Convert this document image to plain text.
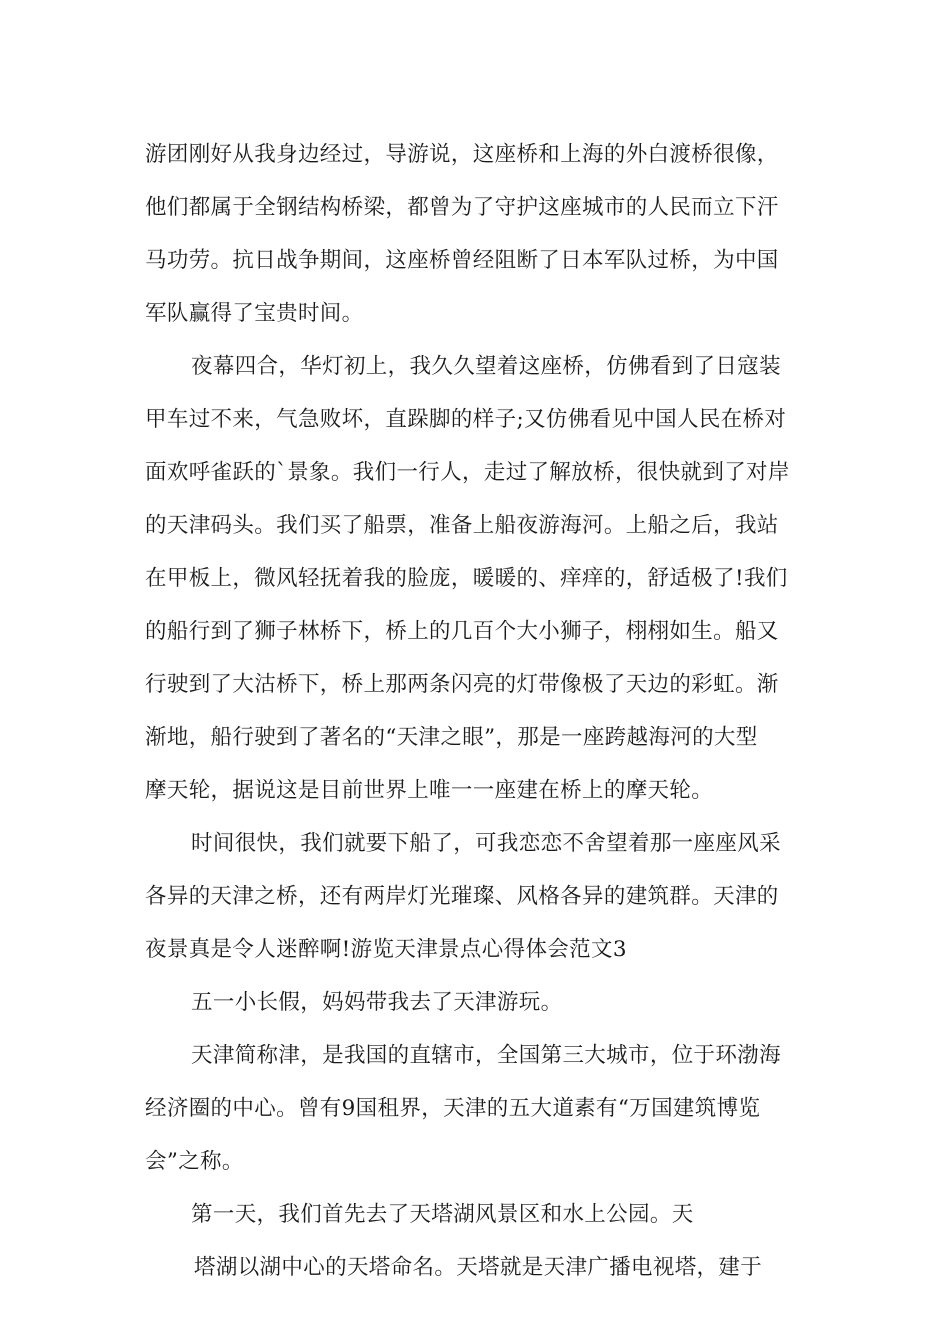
游团刚好从我身边经过，导游说，这座桥和上海的外白渡桥很像，
他们都属于全钢结构桥梁，都曾为了守护这座城市的人民而立下汗
马功劳。抗日战争期间，这座桥曾经阻断了日本军队过桥，为中国
军队赢得了宝贵时间。
夜幕四合，华灯初上，我久久望着这座桥，仿佛看到了日寇装
甲车过不来，气急败坏，直跺脚的样子;又仿佛看见中国人民在桥对
面欢呼雀跃的`景象。我们一行人，走过了解放桥，很快就到了对岸
的天津码头。我们买了船票，准备上船夜游海河。上船之后，我站
在甲板上，微风轻抚着我的脸庞，暖暖的、痒痒的，舒适极了!我们
的船行到了狮子林桥下，桥上的几百个大小狮子，栩栩如生。船又
行驶到了大沽桥下，桥上那两条闪亮的灯带像极了天边的彩虹。渐
渐地，船行驶到了著名的“天津之眼”，那是一座跨越海河的大型
摩天轮，据说这是目前世界上唯一一座建在桥上的摩天轮。
时间很快，我们就要下船了，可我恋恋不舍望着那一座座风采
各异的天津之桥，还有两岸灯光璀璨、风格各异的建筑群。天津的
夜景真是令人迷醉啊!游览天津景点心得体会范文3
五一小长假，妈妈带我去了天津游玩。
天津简称津，是我国的直辖市，全国第三大城市，位于环渤海
经济圈的中心。曾有9国租界，天津的五大道素有“万国建筑博览
会”之称。
第一天，我们首先去了天塔湖风景区和水上公园。天
塔湖以湖中心的天塔命名。天塔就是天津广播电视塔，建于
